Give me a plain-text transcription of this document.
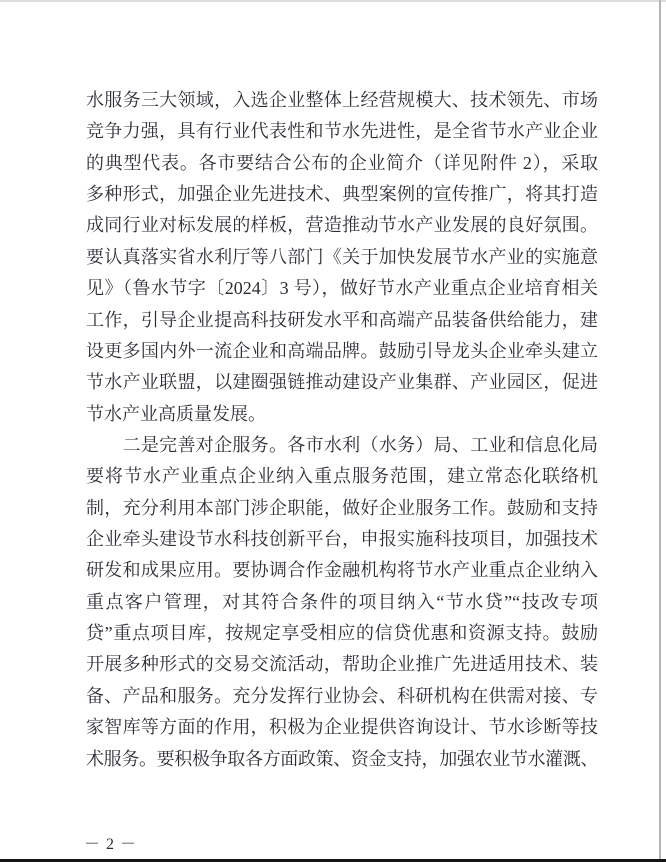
水服务三大领域，入选企业整体上经营规模大、技术领先、市场
竞争力强，具有行业代表性和节水先进性，是全省节水产业企业
的典型代表。各市要结合公布的企业简介（详见附件 2），采取
多种形式，加强企业先进技术、典型案例的宣传推广，将其打造
成同行业对标发展的样板，营造推动节水产业发展的良好氛围。
要认真落实省水利厅等八部门《关于加快发展节水产业的实施意
见》（鲁水节字〔2024〕3 号），做好节水产业重点企业培育相关
工作，引导企业提高科技研发水平和高端产品装备供给能力，建
设更多国内外一流企业和高端品牌。鼓励引导龙头企业牵头建立
节水产业联盟，以建圈强链推动建设产业集群、产业园区，促进
节水产业高质量发展。
　　二是完善对企服务。各市水利（水务）局、工业和信息化局
要将节水产业重点企业纳入重点服务范围，建立常态化联络机
制，充分利用本部门涉企职能，做好企业服务工作。鼓励和支持
企业牵头建设节水科技创新平台，申报实施科技项目，加强技术
研发和成果应用。要协调合作金融机构将节水产业重点企业纳入
重点客户管理，对其符合条件的项目纳入“节水贷”“技改专项
贷”重点项目库，按规定享受相应的信贷优惠和资源支持。鼓励
开展多种形式的交易交流活动，帮助企业推广先进适用技术、装
备、产品和服务。充分发挥行业协会、科研机构在供需对接、专
家智库等方面的作用，积极为企业提供咨询设计、节水诊断等技
术服务。要积极争取各方面政策、资金支持，加强农业节水灌溉、
－ 2 －
